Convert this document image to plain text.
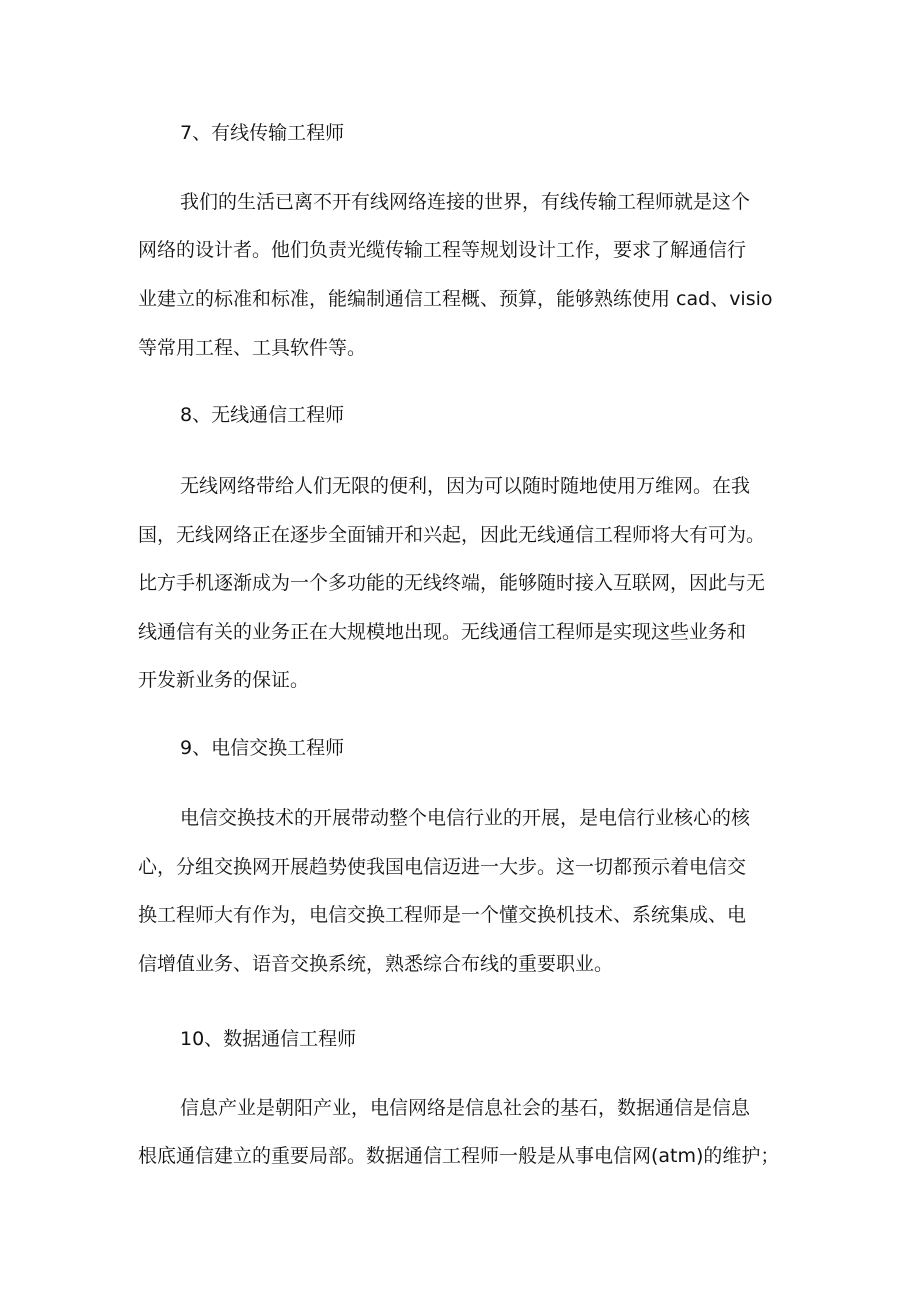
7、有线传输工程师
我们的生活已离不开有线网络连接的世界，有线传输工程师就是这个
网络的设计者。他们负责光缆传输工程等规划设计工作，要求了解通信行
业建立的标准和标准，能编制通信工程概、预算，能够熟练使用 cad、visio
等常用工程、工具软件等。
8、无线通信工程师
无线网络带给人们无限的便利，因为可以随时随地使用万维网。在我
国，无线网络正在逐步全面铺开和兴起，因此无线通信工程师将大有可为。
比方手机逐渐成为一个多功能的无线终端，能够随时接入互联网，因此与无
线通信有关的业务正在大规模地出现。无线通信工程师是实现这些业务和
开发新业务的保证。
9、电信交换工程师
电信交换技术的开展带动整个电信行业的开展，是电信行业核心的核
心，分组交换网开展趋势使我国电信迈进一大步。这一切都预示着电信交
换工程师大有作为，电信交换工程师是一个懂交换机技术、系统集成、电
信增值业务、语音交换系统，熟悉综合布线的重要职业。
10、数据通信工程师
信息产业是朝阳产业，电信网络是信息社会的基石，数据通信是信息
根底通信建立的重要局部。数据通信工程师一般是从事电信网(atm)的维护；
